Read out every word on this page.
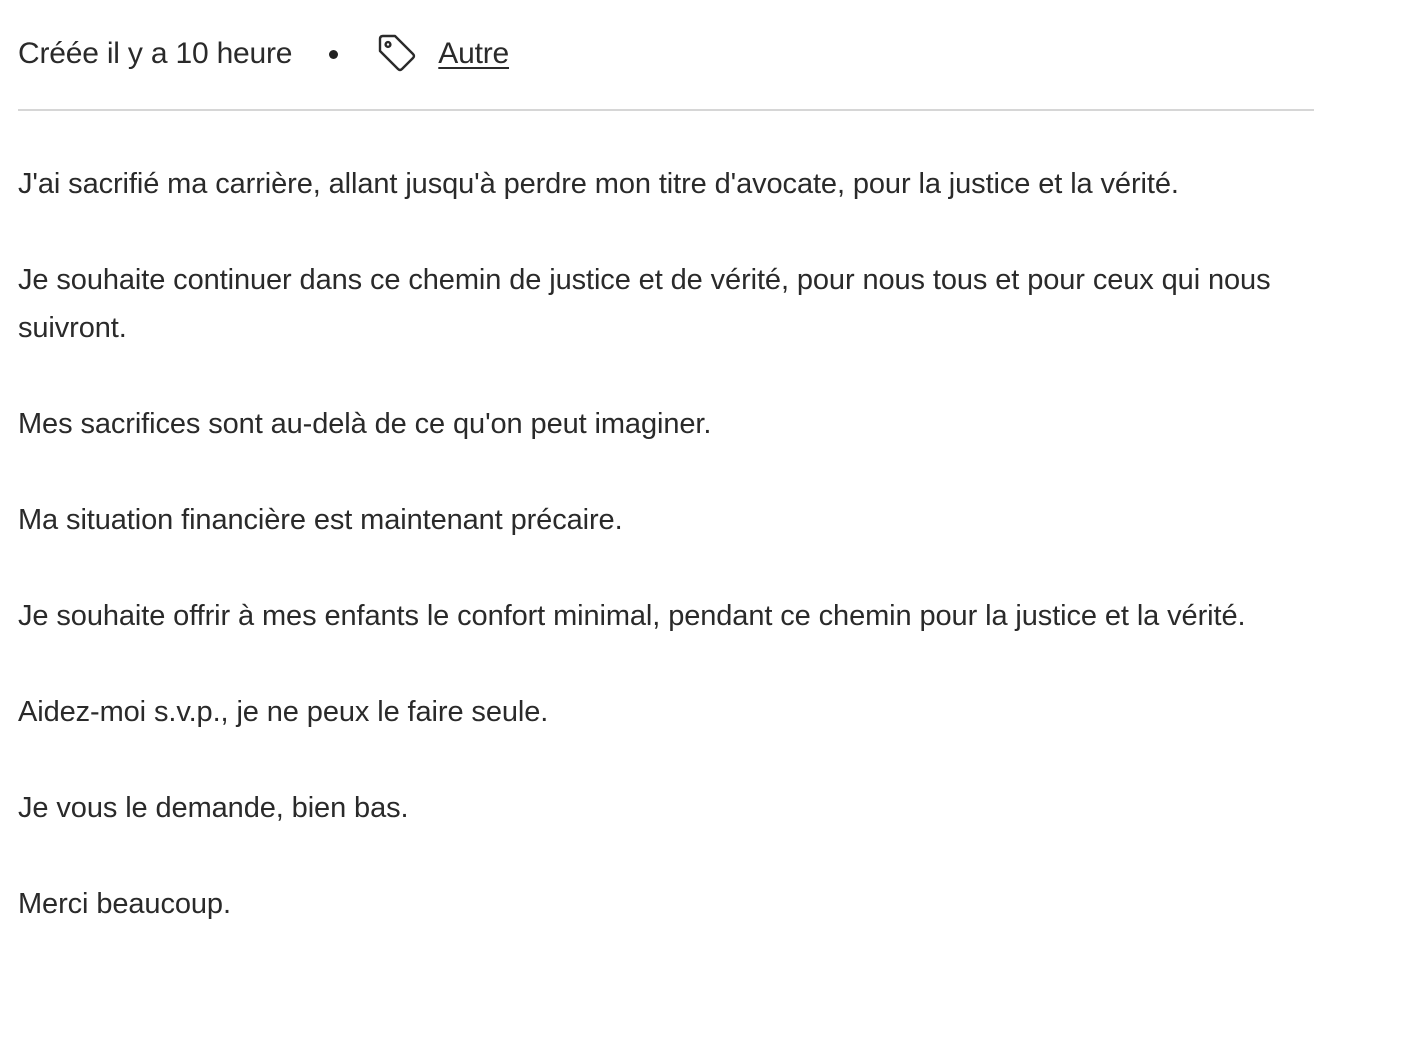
Créée il y a 10 heure	Autre

J'ai sacrifié ma carrière, allant jusqu'à perdre mon titre d'avocate, pour la justice et la vérité.

Je souhaite continuer dans ce chemin de justice et de vérité, pour nous tous et pour ceux qui nous suivront.

Mes sacrifices sont au-delà de ce qu'on peut imaginer.

Ma situation financière est maintenant précaire.

Je souhaite offrir à mes enfants le confort minimal, pendant ce chemin pour la justice et la vérité.

Aidez-moi s.v.p., je ne peux le faire seule.

Je vous le demande, bien bas.

Merci beaucoup.
